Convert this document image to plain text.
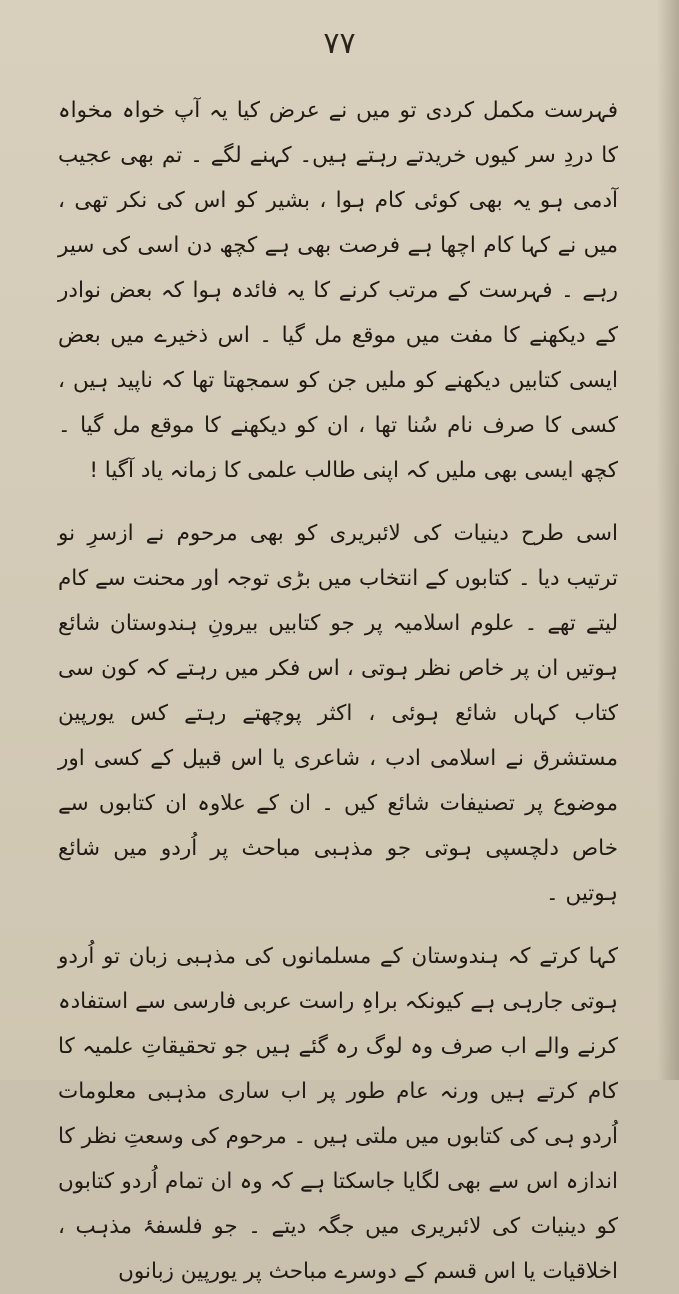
۷۷

فہرست مکمل کردی تو میں نے عرض کیا یہ آپ خواہ مخواہ کا دردِ سر کیوں خریدتے رہتے ہیں۔ کہنے لگے ۔ تم بھی عجیب آدمی ہو یہ بھی کوئی کام ہوا ، بشیر کو اس کی نکر تھی ، میں نے کہا کام اچھا ہے فرصت بھی ہے کچھ دن اسی کی سیر رہے ۔ فہرست کے مرتب کرنے کا یہ فائدہ ہوا کہ بعض نوادر کے دیکھنے کا مفت میں موقع مل گیا ۔ اس ذخیرے میں بعض ایسی کتابیں دیکھنے کو ملیں جن کو سمجھتا تھا کہ ناپید ہیں ، کسی کا صرف نام سُنا تھا ، ان کو دیکھنے کا موقع مل گیا ۔ کچھ ایسی بھی ملیں کہ اپنی طالب علمی کا زمانہ یاد آگیا !

اسی طرح دینیات کی لائبریری کو بھی مرحوم نے ازسرِ نو ترتیب دیا ۔ کتابوں کے انتخاب میں بڑی توجہ اور محنت سے کام لیتے تھے ۔ علوم اسلامیہ پر جو کتابیں بیرونِ ہندوستان شائع ہوتیں ان پر خاص نظر ہوتی ، اس فکر میں رہتے کہ کون سی کتاب کہاں شائع ہوئی ، اکثر پوچھتے رہتے کس یورپین مستشرق نے اسلامی ادب ، شاعری یا اس قبیل کے کسی اور موضوع پر تصنیفات شائع کیں ۔ ان کے علاوہ ان کتابوں سے خاص دلچسپی ہوتی جو مذہبی مباحث پر اُردو میں شائع ہوتیں ۔

کہا کرتے کہ ہندوستان کے مسلمانوں کی مذہبی زبان تو اُردو ہوتی جارہی ہے کیونکہ براہِ راست عربی فارسی سے استفادہ کرنے والے اب صرف وہ لوگ رہ گئے ہیں جو تحقیقاتِ علمیہ کا کام کرتے ہیں ورنہ عام طور پر اب ساری مذہبی معلومات اُردو ہی کی کتابوں میں ملتی ہیں ۔ مرحوم کی وسعتِ نظر کا اندازہ اس سے بھی لگایا جاسکتا ہے کہ وہ ان تمام اُردو کتابوں کو دینیات کی لائبریری میں جگہ دیتے ۔ جو فلسفۂ مذہب ، اخلاقیات یا اس قسم کے دوسرے مباحث پر یورپین زبانوں
